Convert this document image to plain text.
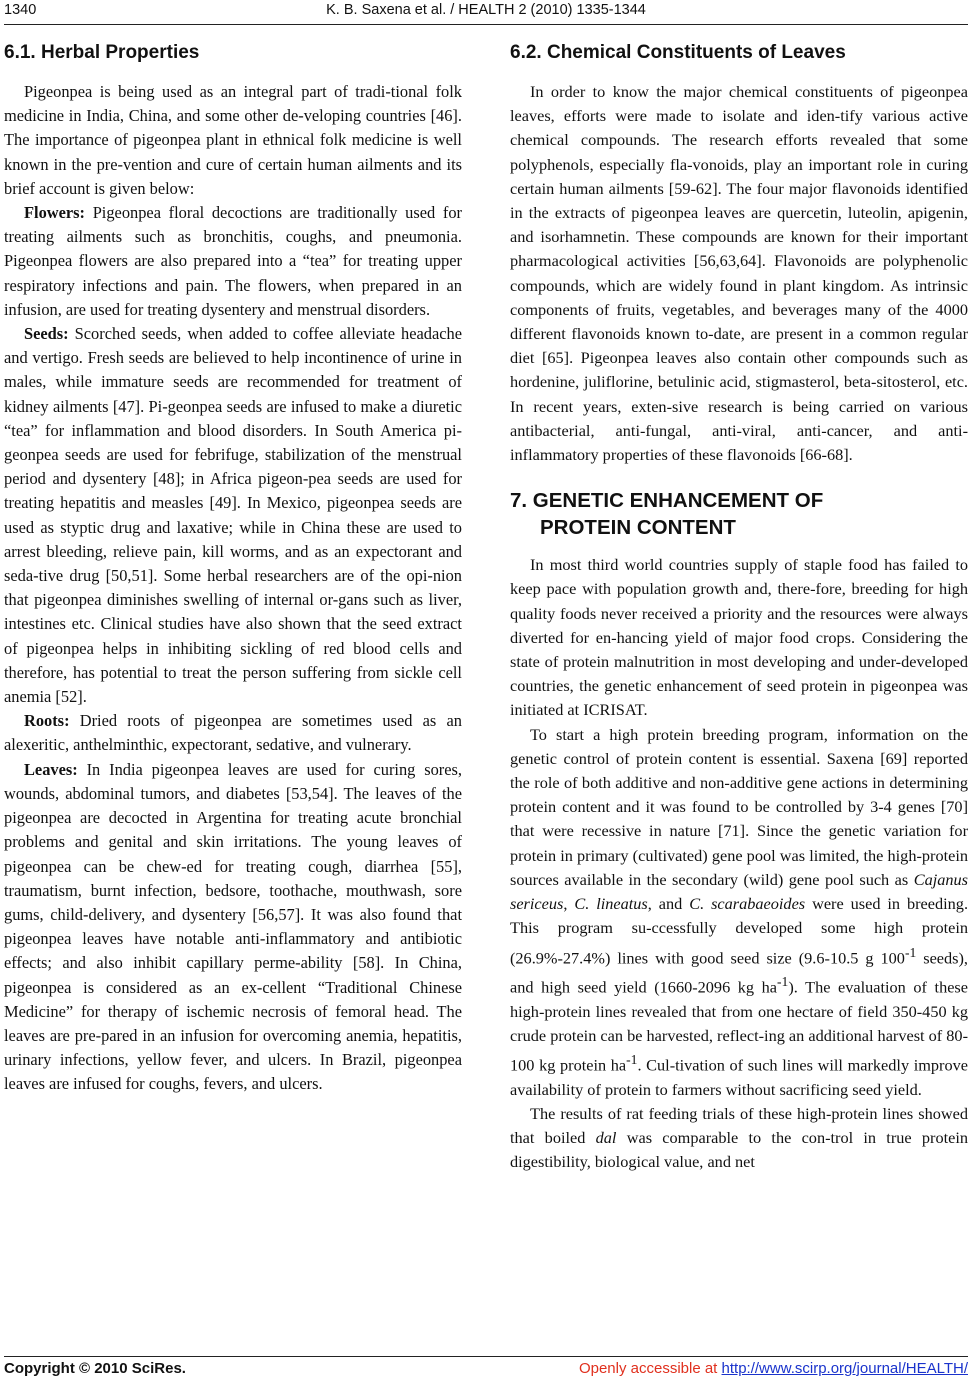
1340	K. B. Saxena et al. / HEALTH 2 (2010) 1335-1344
6.1. Herbal Properties

Pigeonpea is being used as an integral part of tradi-tional folk medicine in India, China, and some other de-veloping countries [46]. The importance of pigeonpea plant in ethnical folk medicine is well known in the pre-vention and cure of certain human ailments and its brief account is given below:

Flowers: Pigeonpea floral decoctions are traditionally used for treating ailments such as bronchitis, coughs, and pneumonia. Pigeonpea flowers are also prepared into a “tea” for treating upper respiratory infections and pain. The flowers, when prepared in an infusion, are used for treating dysentery and menstrual disorders.

Seeds: Scorched seeds, when added to coffee alleviate headache and vertigo. Fresh seeds are believed to help incontinence of urine in males, while immature seeds are recommended for treatment of kidney ailments [47]. Pi-geonpea seeds are infused to make a diuretic “tea” for inflammation and blood disorders. In South America pi-geonpea seeds are used for febrifuge, stabilization of the menstrual period and dysentery [48]; in Africa pigeon-pea seeds are used for treating hepatitis and measles [49]. In Mexico, pigeonpea seeds are used as styptic drug and laxative; while in China these are used to arrest bleeding, relieve pain, kill worms, and as an expectorant and seda-tive drug [50,51]. Some herbal researchers are of the opi-nion that pigeonpea diminishes swelling of internal or-gans such as liver, intestines etc. Clinical studies have also shown that the seed extract of pigeonpea helps in inhibiting sickling of red blood cells and therefore, has potential to treat the person suffering from sickle cell anemia [52].

Roots: Dried roots of pigeonpea are sometimes used as an alexeritic, anthelminthic, expectorant, sedative, and vulnerary.

Leaves: In India pigeonpea leaves are used for curing sores, wounds, abdominal tumors, and diabetes [53,54]. The leaves of the pigeonpea are decocted in Argentina for treating acute bronchial problems and genital and skin irritations. The young leaves of pigeonpea can be chew-ed for treating cough, diarrhea [55], traumatism, burnt infection, bedsore, toothache, mouthwash, sore gums, child-delivery, and dysentery [56,57]. It was also found that pigeonpea leaves have notable anti-inflammatory and antibiotic effects; and also inhibit capillary perme-ability [58]. In China, pigeonpea is considered as an ex-cellent “Traditional Chinese Medicine” for therapy of ischemic necrosis of femoral head. The leaves are pre-pared in an infusion for overcoming anemia, hepatitis, urinary infections, yellow fever, and ulcers. In Brazil, pigeonpea leaves are infused for coughs, fevers, and ulcers.

6.2. Chemical Constituents of Leaves

In order to know the major chemical constituents of pigeonpea leaves, efforts were made to isolate and iden-tify various active chemical compounds. The research efforts revealed that some polyphenols, especially fla-vonoids, play an important role in curing certain human ailments [59-62]. The four major flavonoids identified in the extracts of pigeonpea leaves are quercetin, luteolin, apigenin, and isorhamnetin. These compounds are known for their important pharmacological activities [56,63,64]. Flavonoids are polyphenolic compounds, which are widely found in plant kingdom. As intrinsic components of fruits, vegetables, and beverages many of the 4000 different flavonoids known to-date, are present in a common regular diet [65]. Pigeonpea leaves also contain other compounds such as hordenine, juliflorine, betulinic acid, stigmasterol, beta-sitosterol, etc. In recent years, exten-sive research is being carried on various antibacterial, anti-fungal, anti-viral, anti-cancer, and anti-inflammatory properties of these flavonoids [66-68].

7. GENETIC ENHANCEMENT OF
PROTEIN CONTENT

In most third world countries supply of staple food has failed to keep pace with population growth and, there-fore, breeding for high quality foods never received a priority and the resources were always diverted for en-hancing yield of major food crops. Considering the state of protein malnutrition in most developing and under-developed countries, the genetic enhancement of seed protein in pigeonpea was initiated at ICRISAT.

To start a high protein breeding program, information on the genetic control of protein content is essential. Saxena [69] reported the role of both additive and non-additive gene actions in determining protein content and it was found to be controlled by 3-4 genes [70] that were recessive in nature [71]. Since the genetic variation for protein in primary (cultivated) gene pool was limited, the high-protein sources available in the secondary (wild) gene pool such as Cajanus sericeus, C. lineatus, and C. scarabaeoides were used in breeding. This program su-ccessfully developed some high protein (26.9%-27.4%) lines with good seed size (9.6-10.5 g $100^{-1}$ seeds), and high seed yield (1660-2096 kg $ha^{-1}$). The evaluation of these high-protein lines revealed that from one hectare of field 350-450 kg crude protein can be harvested, reflect-ing an additional harvest of 80-100 kg protein $ha^{-1}$. Cul-tivation of such lines will markedly improve availability of protein to farmers without sacrificing seed yield.

The results of rat feeding trials of these high-protein lines showed that boiled dal was comparable to the con-trol in true protein digestibility, biological value, and net

Copyright © 2010 SciRes.	Openly accessible at http://www.scirp.org/journal/HEALTH/
